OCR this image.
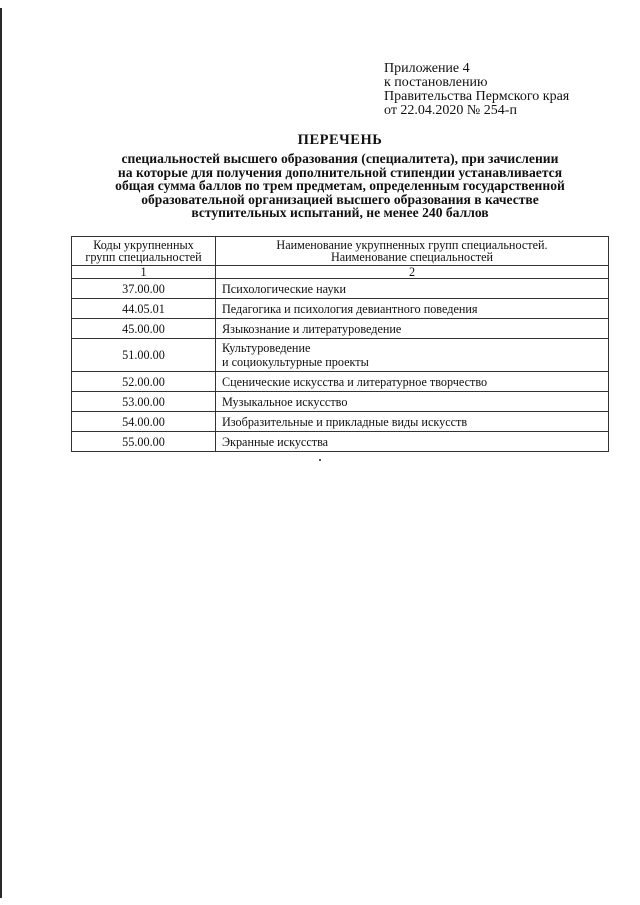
Приложение 4
к постановлению
Правительства Пермского края
от 22.04.2020 № 254-п
ПЕРЕЧЕНЬ
специальностей высшего образования (специалитета), при зачислении
на которые для получения дополнительной стипендии устанавливается
общая сумма баллов по трем предметам, определенным государственной
образовательной организацией высшего образования в качестве
вступительных испытаний, не менее 240 баллов
Коды укрупненных
групп специальностей	Наименование укрупненных групп специальностей.
Наименование специальностей

1	2
37.00.00	Психологические науки
44.05.01	Педагогика и психология девиантного поведения
45.00.00	Языкознание и литературоведение
51.00.00	Культуроведение
и социокультурные проекты

52.00.00	Сценические искусства и литературное творчество
53.00.00	Музыкальное искусство
54.00.00	Изобразительные и прикладные виды искусств
55.00.00	Экранные искусства
